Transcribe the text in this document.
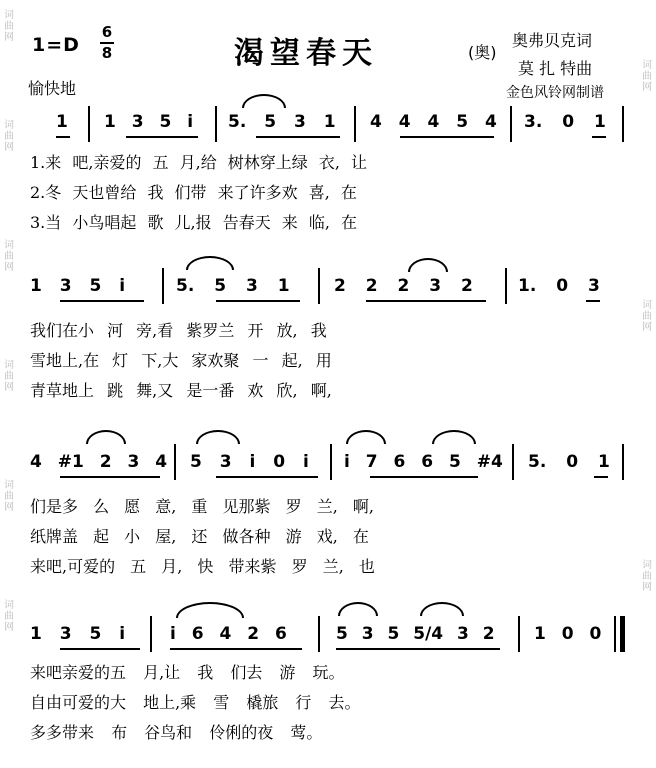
词曲网
词曲网
词曲网
词曲网
词曲网
词曲网
词曲网
词曲网
词曲网
1=D
6
8	渴望春天	(奥)
奥弗贝克词
莫 扎 特曲
金色风铃网制谱
愉快地
1 1 3 5 i 5. 5 3 1 4 4 4 5 4 3. 0 1
1.来 吧,亲爱的 五 月,给 树林穿上绿 衣, 让
2.冬 天也曾给 我 们带 来了许多欢 喜, 在
3.当 小鸟唱起 歌 儿,报 告春天 来 临, 在
1 3 5 i	5. 5 3 1	2 2 2 3 2	1. 0 3
我们在小 河 旁,看 紫罗兰 开 放, 我
雪地上,在 灯 下,大 家欢聚 一 起, 用
青草地上 跳 舞,又 是一番 欢 欣, 啊,
4 #1 2 3 4 5 3 i 0 i i 7 6 6 5 #4 5. 0 1
们是多 么 愿 意, 重 见那紫 罗 兰, 啊,
纸牌盖 起 小 屋, 还 做各种 游 戏, 在
来吧,可爱的 五 月, 快 带来紫 罗 兰, 也
1 3 5 i	i 6 4 2 6	5 3 5 5/4 3 2 1 0 0
来吧亲爱的五 月,让 我 们去 游 玩。
自由可爱的大 地上,乘 雪 橇旅 行 去。
多多带来 布 谷鸟和 伶俐的夜 莺。
